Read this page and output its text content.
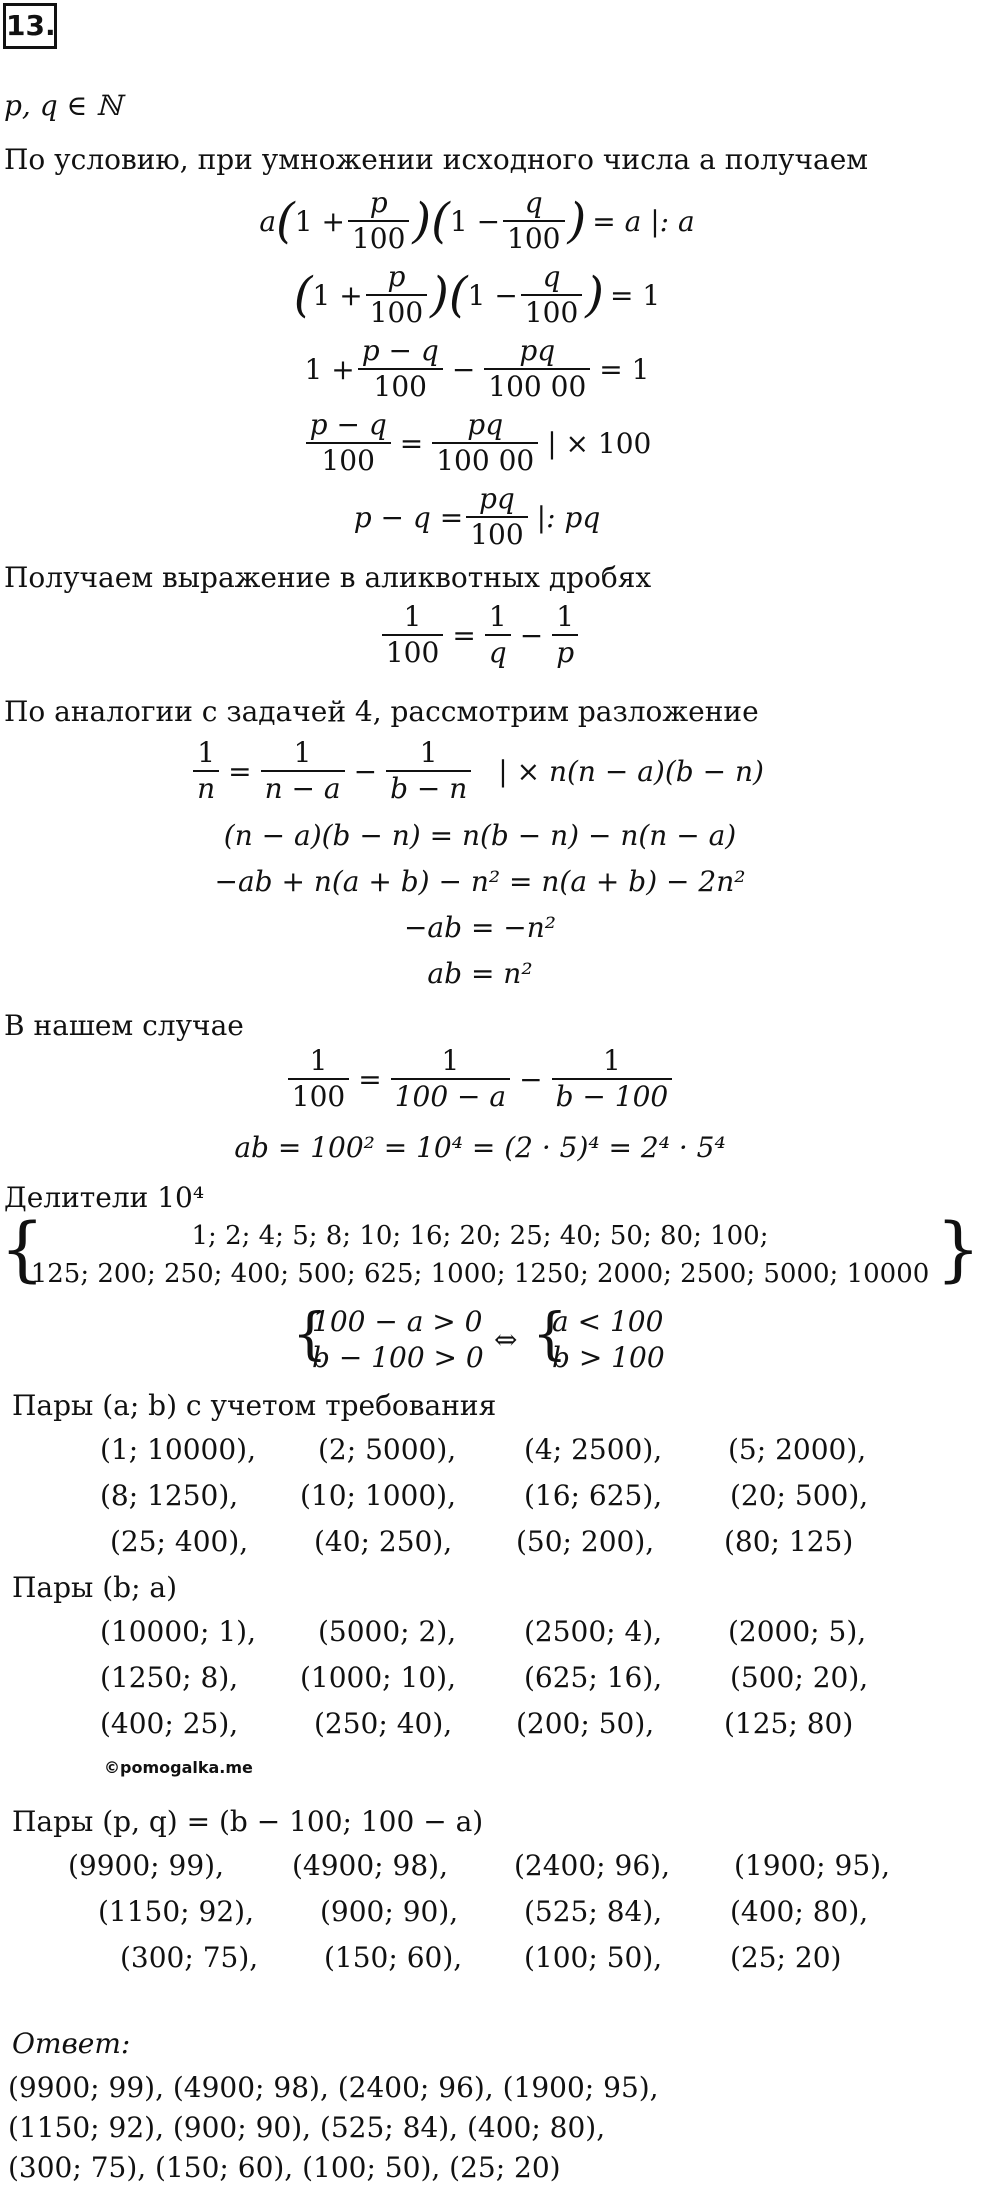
13.
p, q ∈ ℕ
По условию, при умножении исходного числа a получаем
a ( $1 + \frac{p}{100}$ )( $1 - \frac{q}{100}$ ) = a |: a
( $1 + \frac{p}{100}$ )( $1 - \frac{q}{100}$ ) = 1
$1 + \frac{p - q}{100} - \frac{pq}{100 00} = 1$
$\frac{p - q}{100} = \frac{pq}{100 00}$ | × 100
$p - q = \frac{pq}{100}$ |: pq
Получаем выражение в аликвотных дробях
$\frac{1}{100} = \frac{1}{q} - \frac{1}{p}$
По аналогии с задачей 4, рассмотрим разложение
$\frac{1}{n} = \frac{1}{n - a} - \frac{1}{b - n}$ | × n(n − a)(b − n)
(n − a)(b − n) = n(b − n) − n(n − a)
−ab + n(a + b) − n² = n(a + b) − 2n²
−ab = −n²
ab = n²
В нашем случае
$\frac{1}{100} = \frac{1}{100 - a} - \frac{1}{b - 100}$
ab = 100² = 10⁴ = (2 · 5)⁴ = 2⁴ · 5⁴
Делители 10⁴
{	}
1; 2; 4; 5; 8; 10; 16; 20; 25; 40; 50; 80; 100;
125; 200; 250; 400; 500; 625; 1000; 1250; 2000; 2500; 5000; 10000
{
100 − a > 0
b − 100 > 0
⇔ {
a < 100
b > 100
Пары (a; b) с учетом требования
(1; 10000), (2; 5000), (4; 2500), (5; 2000),
(8; 1250), (10; 1000), (16; 625), (20; 500),
(25; 400), (40; 250), (50; 200), (80; 125)
Пары (b; a)
(10000; 1), (5000; 2), (2500; 4), (2000; 5),
(1250; 8), (1000; 10), (625; 16), (500; 20),
(400; 25),	(250; 40), (200; 50), (125; 80)
©pomogalka.me
Пары (p, q) = (b − 100; 100 − a)
(9900; 99), (4900; 98), (2400; 96), (1900; 95),
(1150; 92), (900; 90), (525; 84), (400; 80),
(300; 75), (150; 60), (100; 50), (25; 20)
Ответ:
(9900; 99), (4900; 98), (2400; 96), (1900; 95),
(1150; 92), (900; 90), (525; 84), (400; 80),
(300; 75), (150; 60), (100; 50), (25; 20)
